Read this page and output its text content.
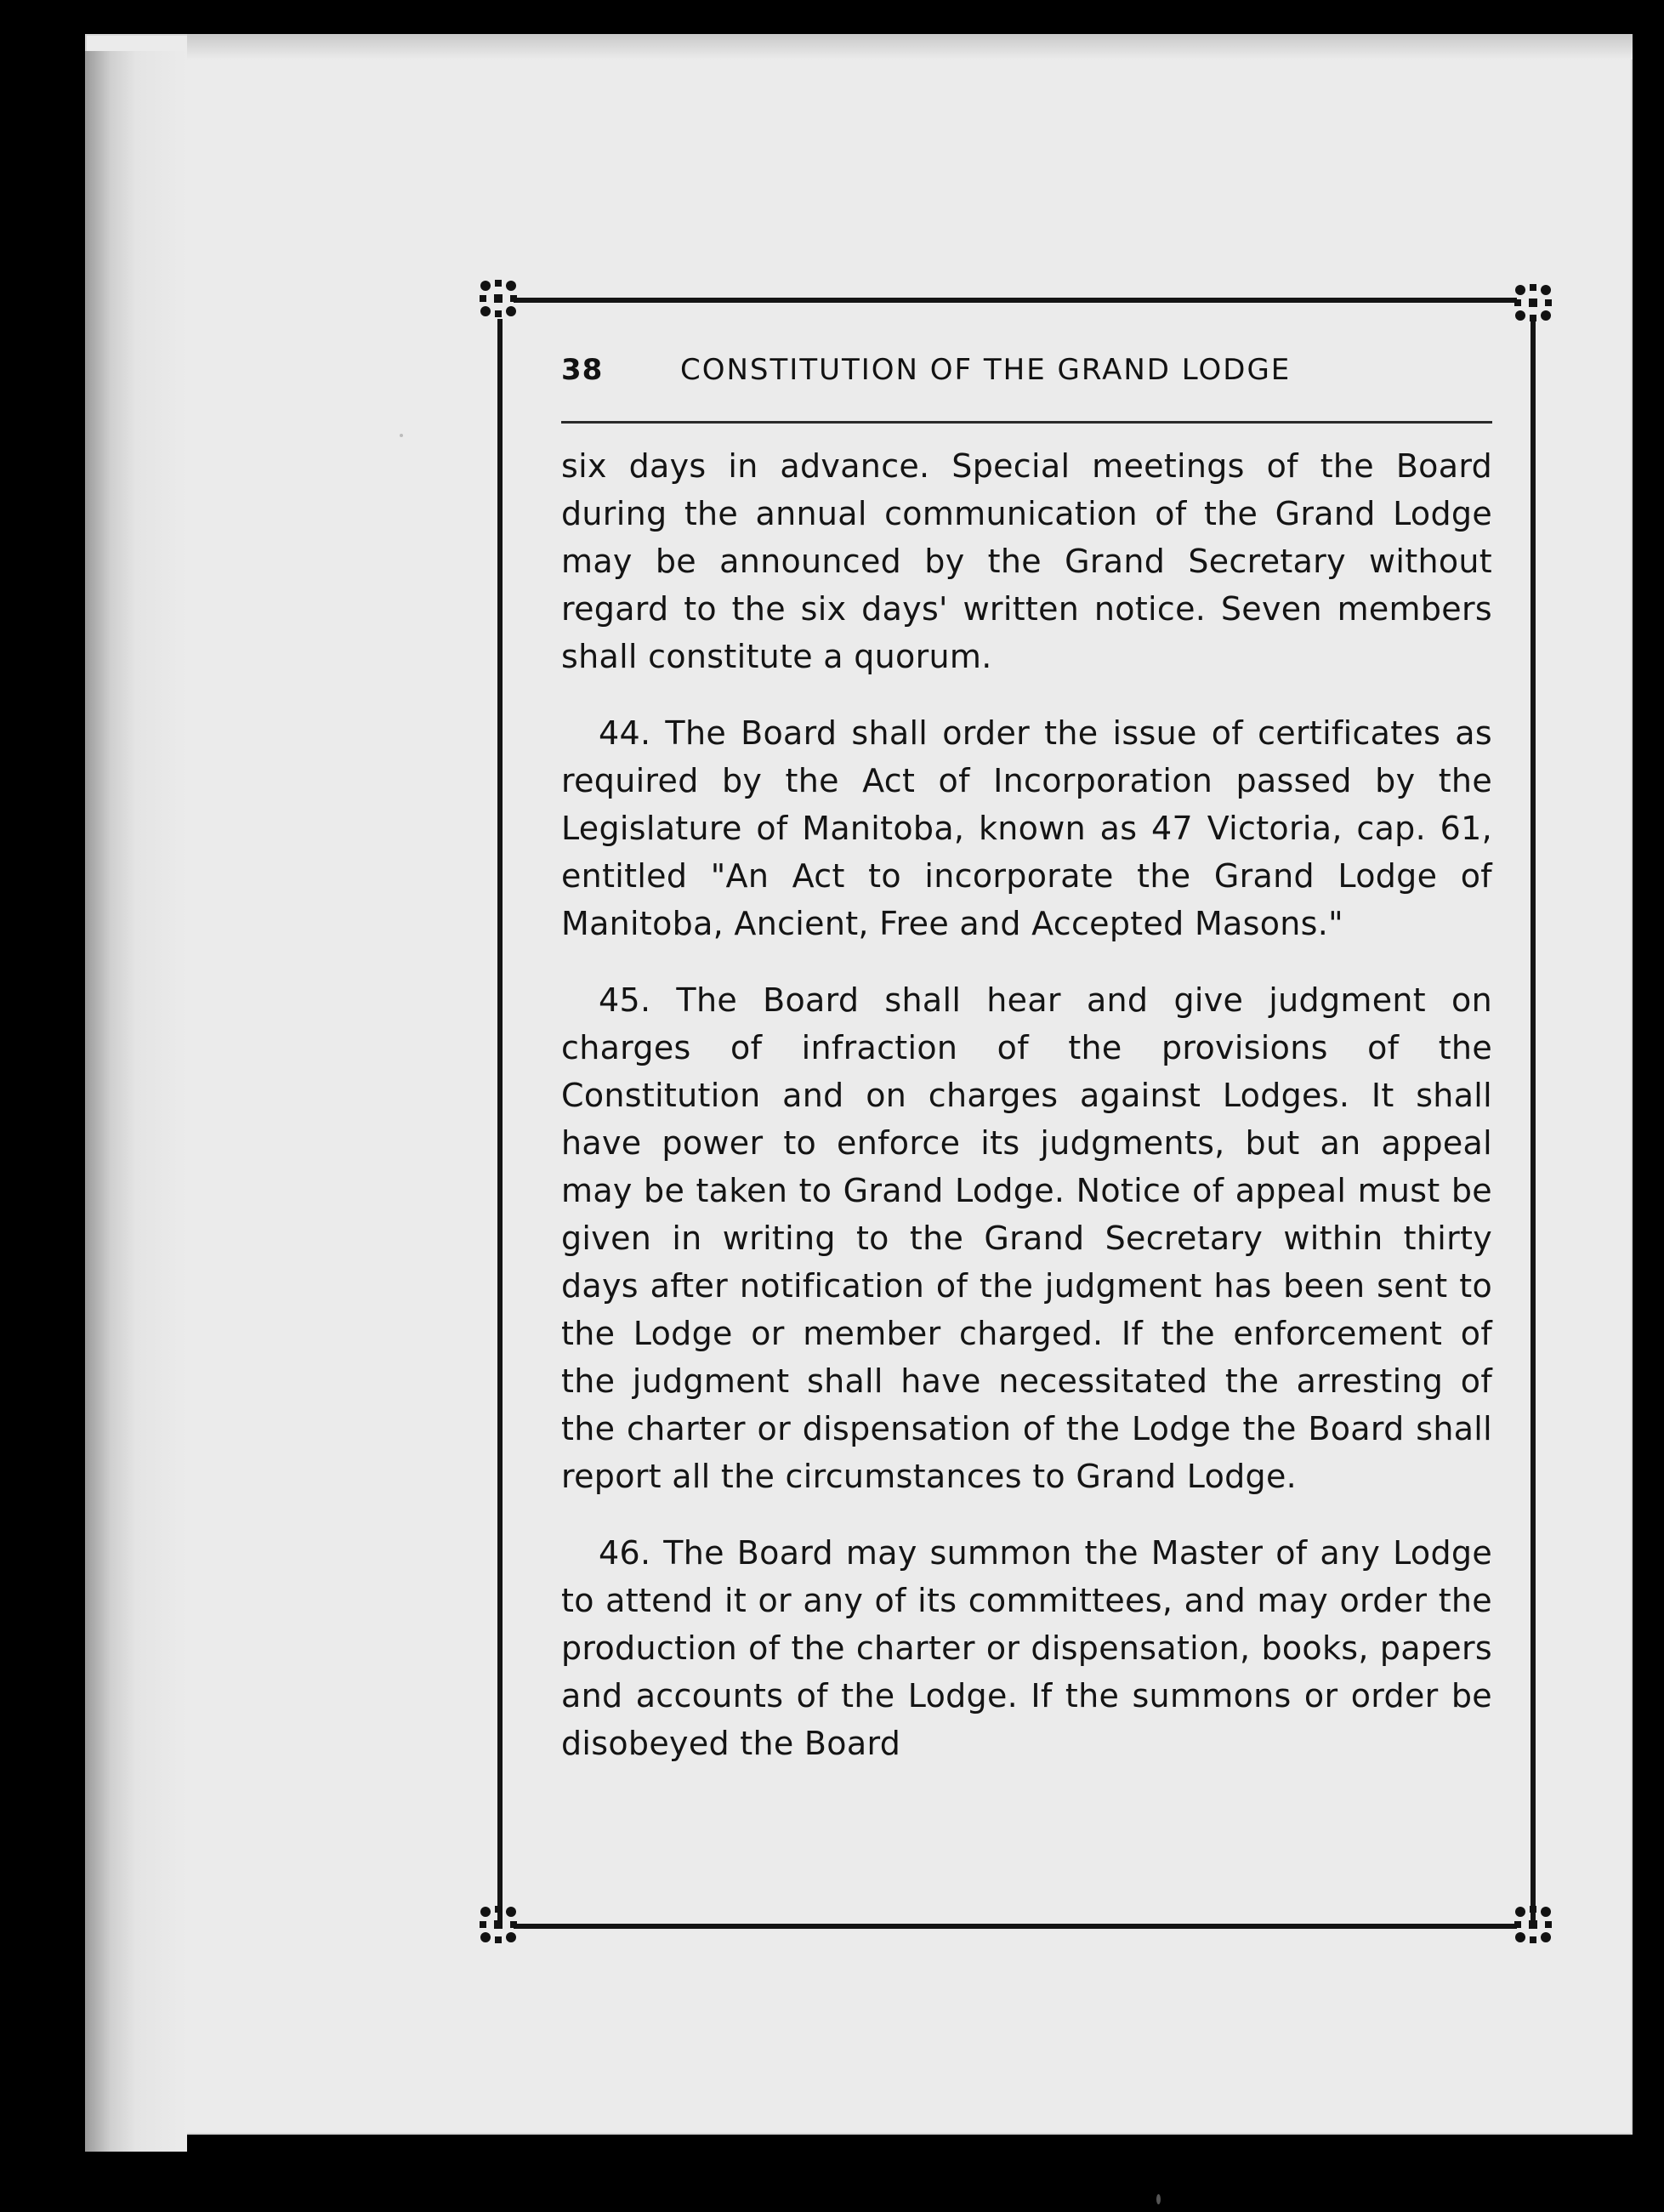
38	CONSTITUTION OF THE GRAND LODGE

six days in advance. Special meetings of the Board during the annual communication of the Grand Lodge may be announced by the Grand Secretary without regard to the six days' written notice. Seven members shall constitute a quorum.

44. The Board shall order the issue of certificates as required by the Act of Incorporation passed by the Legislature of Manitoba, known as 47 Victoria, cap. 61, entitled "An Act to incorporate the Grand Lodge of Manitoba, Ancient, Free and Accepted Masons."

45. The Board shall hear and give judgment on charges of infraction of the provisions of the Constitution and on charges against Lodges. It shall have power to enforce its judgments, but an appeal may be taken to Grand Lodge. Notice of appeal must be given in writing to the Grand Secretary within thirty days after notification of the judgment has been sent to the Lodge or member charged. If the enforcement of the judgment shall have necessitated the arresting of the charter or dispensation of the Lodge the Board shall report all the circumstances to Grand Lodge.

46. The Board may summon the Master of any Lodge to attend it or any of its committees, and may order the production of the charter or dispensation, books, papers and accounts of the Lodge. If the summons or order be disobeyed the Board
